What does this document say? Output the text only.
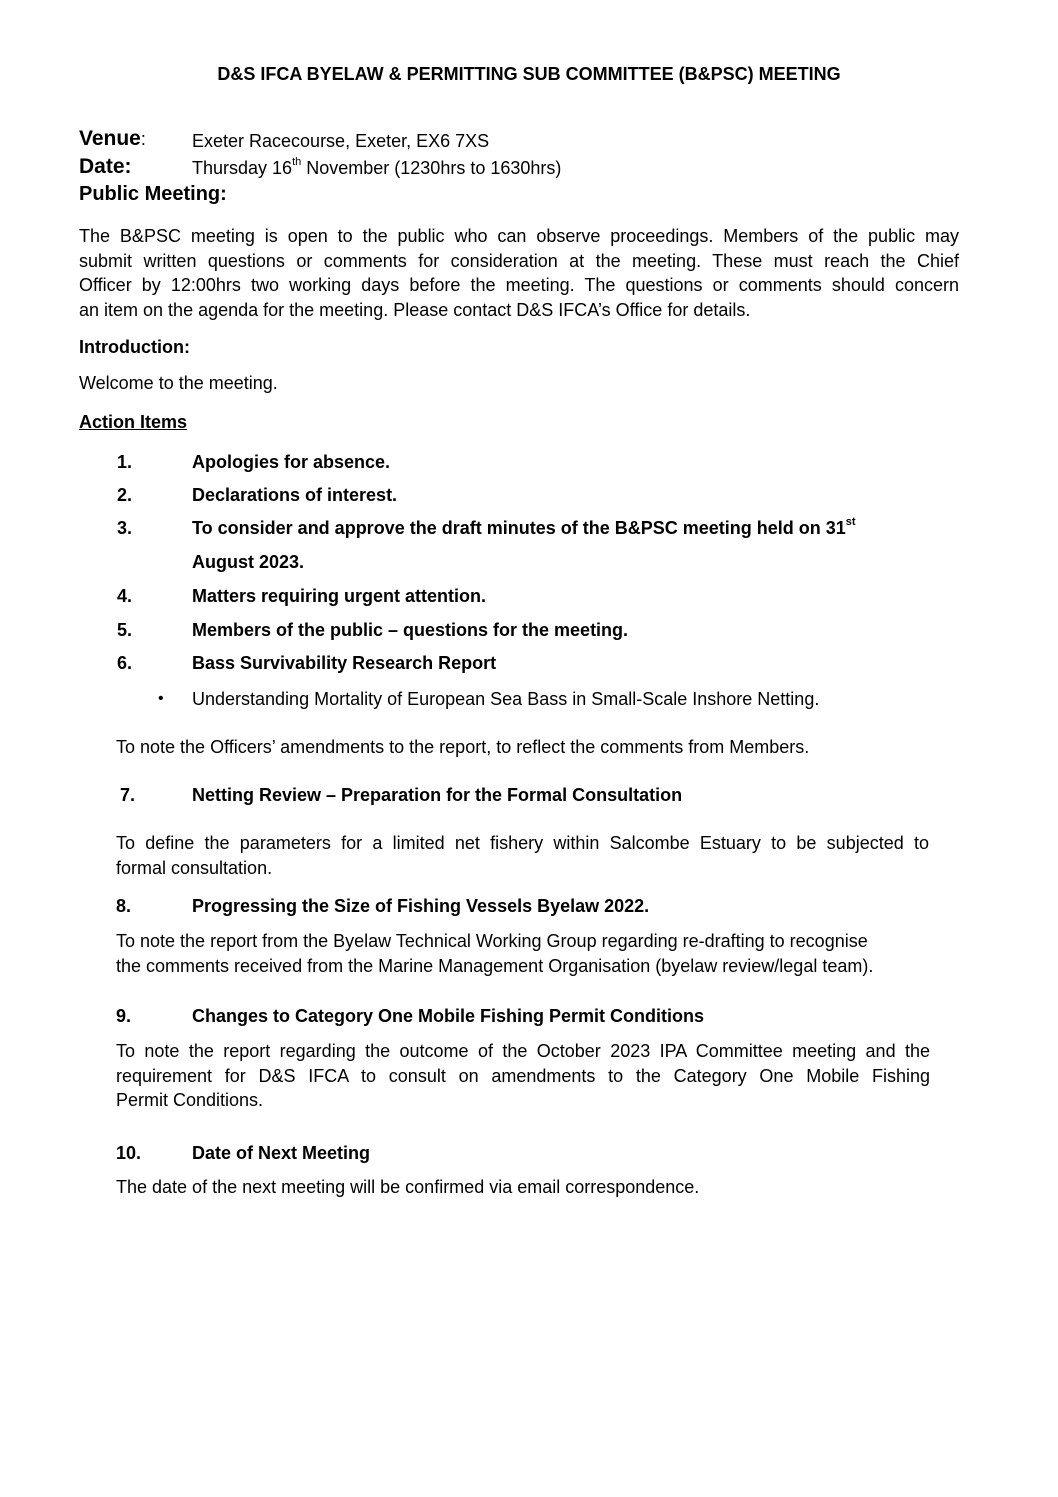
D&S IFCA BYELAW & PERMITTING SUB COMMITTEE (B&PSC) MEETING
Venue:	Exeter Racecourse, Exeter, EX6 7XS
Date:	Thursday 16th November (1230hrs to 1630hrs)
Public Meeting:
The B&PSC meeting is open to the public who can observe proceedings. Members of the public may
submit written questions or comments for consideration at the meeting. These must reach the Chief
Officer by 12:00hrs two working days before the meeting. The questions or comments should concern
an item on the agenda for the meeting. Please contact D&S IFCA’s Office for details.
Introduction:
Welcome to the meeting.
Action Items
1.	Apologies for absence.
2.	Declarations of interest.
3.	To consider and approve the draft minutes of the B&PSC meeting held on 31st
August 2023.
4.	Matters requiring urgent attention.
5.	Members of the public – questions for the meeting.
6.	Bass Survivability Research Report
• Understanding Mortality of European Sea Bass in Small-Scale Inshore Netting.
To note the Officers’ amendments to the report, to reflect the comments from Members.
7.	Netting Review – Preparation for the Formal Consultation
To define the parameters for a limited net fishery within Salcombe Estuary to be subjected to
formal consultation.
8.	Progressing the Size of Fishing Vessels Byelaw 2022.
To note the report from the Byelaw Technical Working Group regarding re-drafting to recognise
the comments received from the Marine Management Organisation (byelaw review/legal team).
9.	Changes to Category One Mobile Fishing Permit Conditions
To note the report regarding the outcome of the October 2023 IPA Committee meeting and the
requirement for D&S IFCA to consult on amendments to the Category One Mobile Fishing
Permit Conditions.
10.	Date of Next Meeting
The date of the next meeting will be confirmed via email correspondence.
